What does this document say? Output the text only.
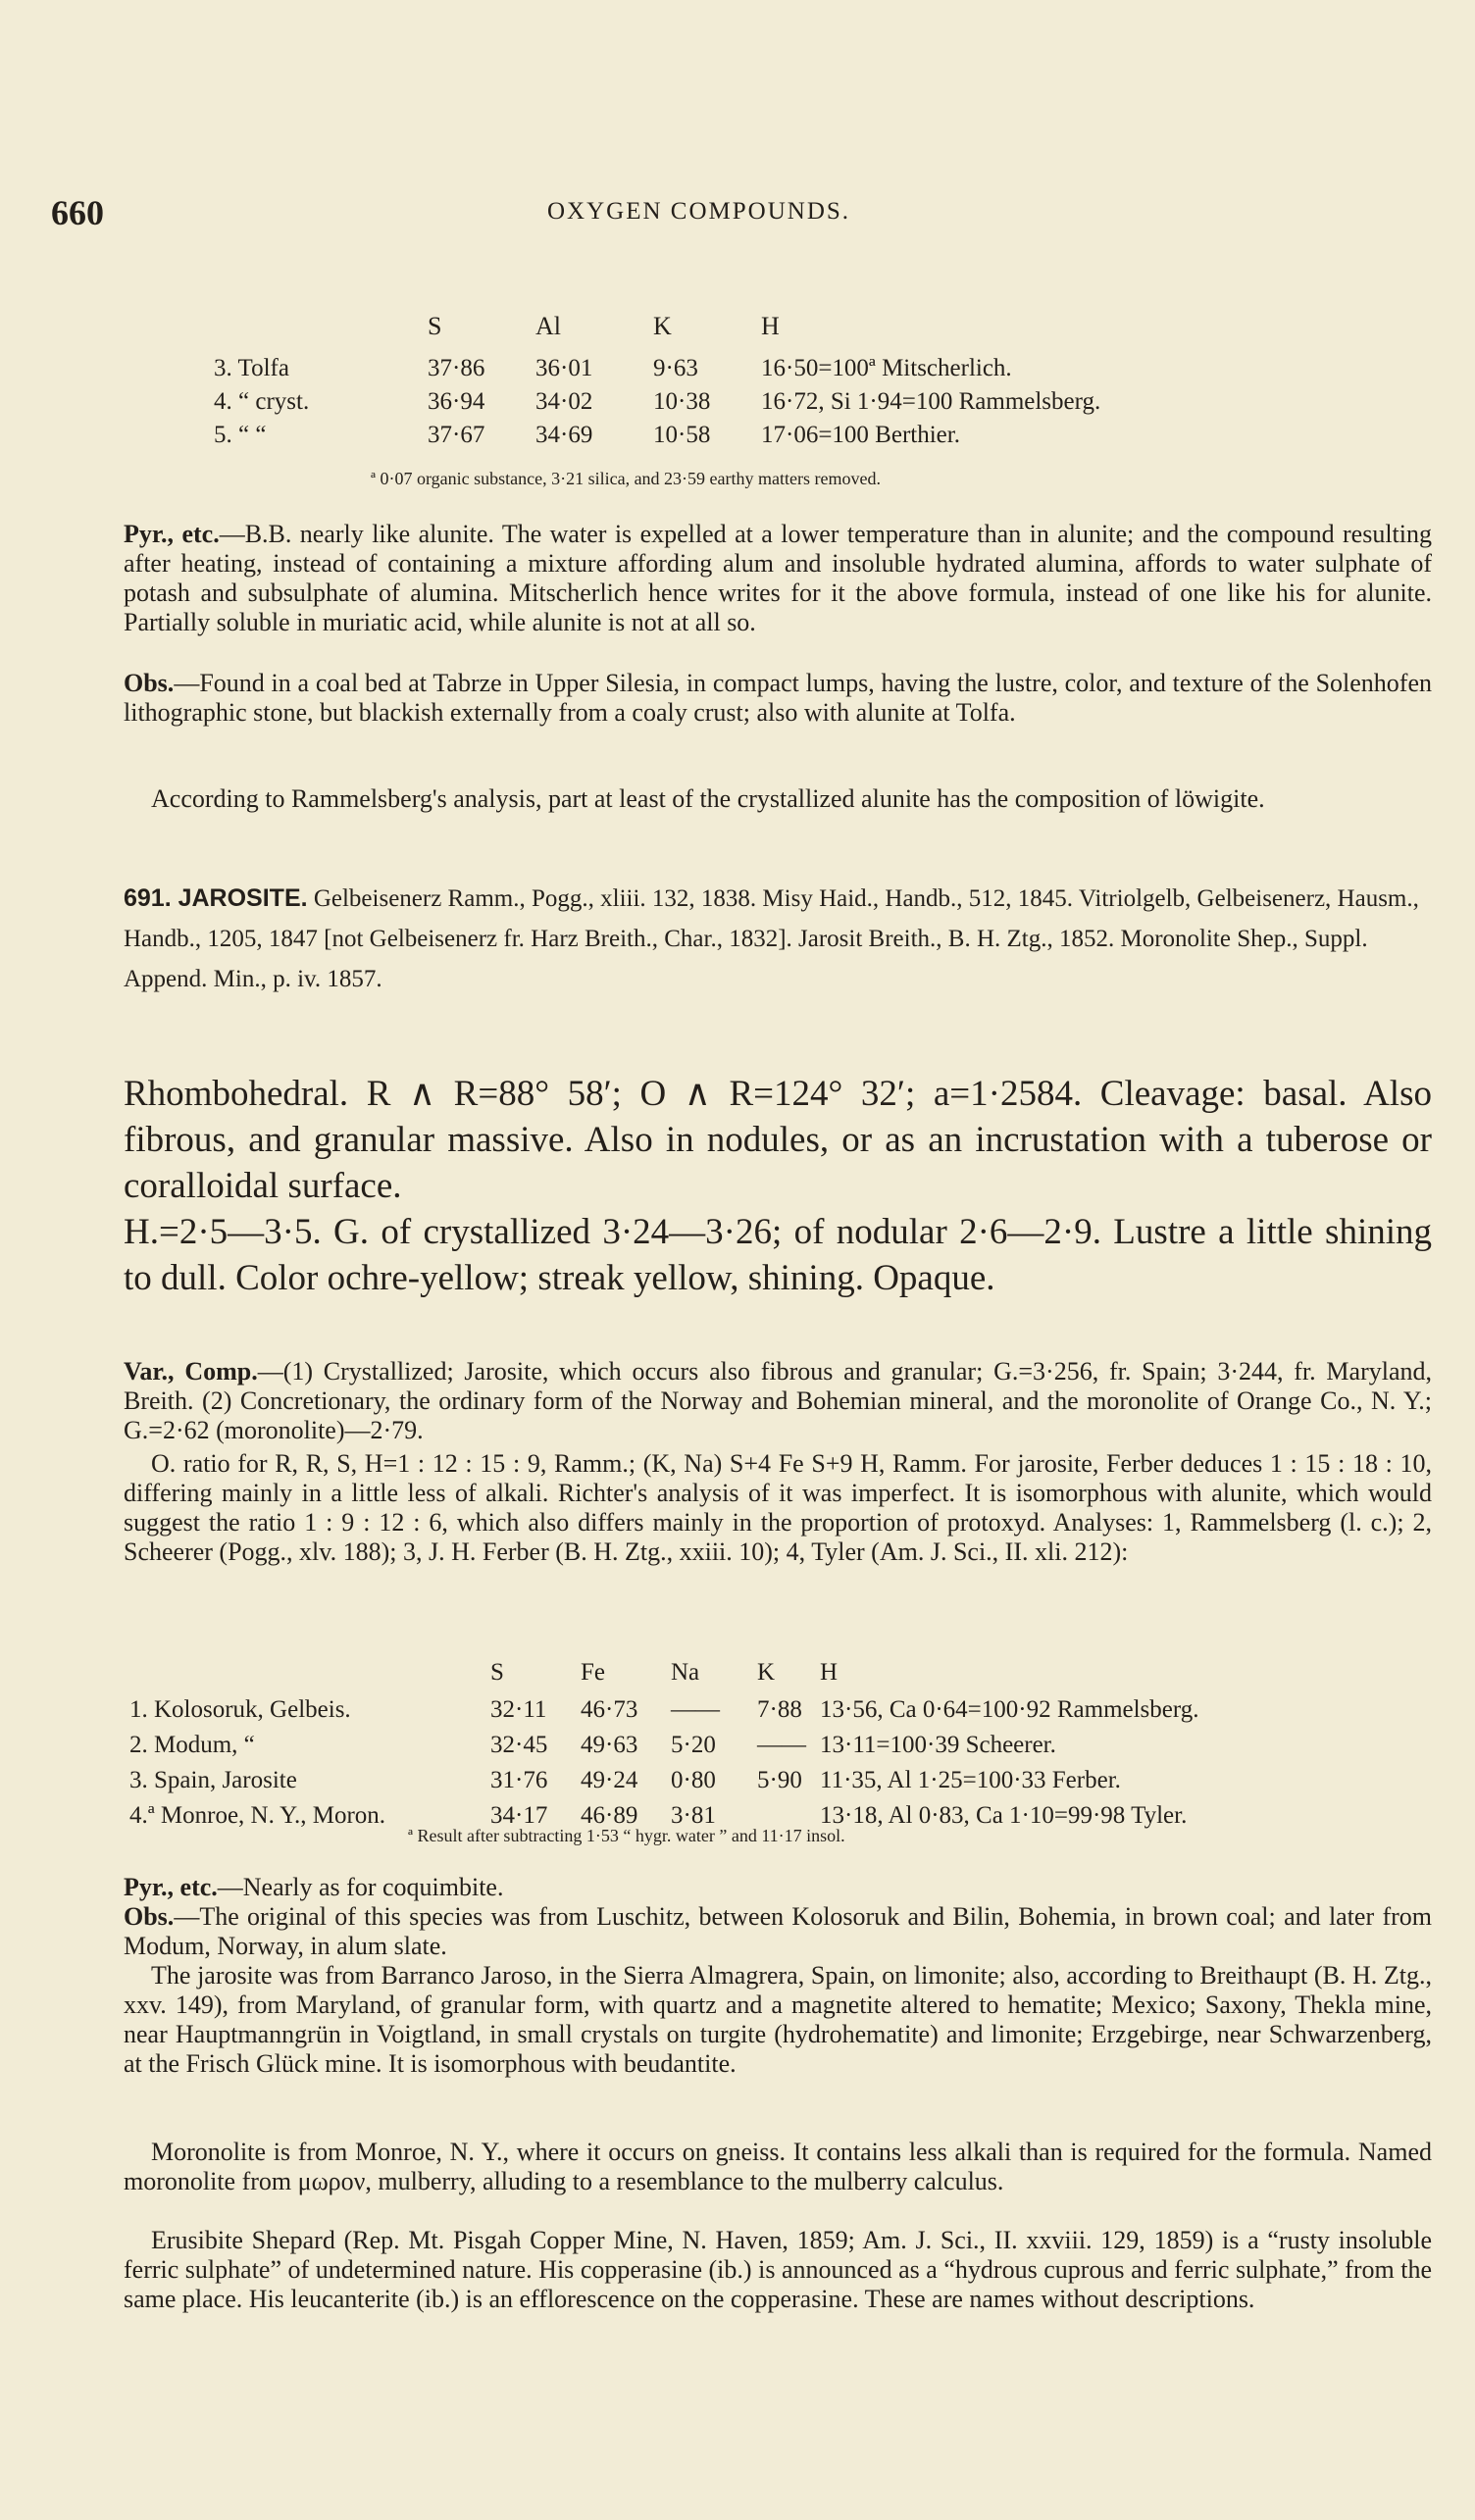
660	OXYGEN COMPOUNDS.
	S	Al	K	H
3. Tolfa	37·86	36·01	9·63	16·50=100ª Mitscherlich.
4. “ cryst.	36·94	34·02	10·38	16·72, Si 1·94=100 Rammelsberg.
5. “ “	37·67	34·69	10·58	17·06=100 Berthier.
ª 0·07 organic substance, 3·21 silica, and 23·59 earthy matters removed.
Pyr., etc.—B.B. nearly like alunite. The water is expelled at a lower temperature than in alunite; and the compound resulting after heating, instead of containing a mixture affording alum and insoluble hydrated alumina, affords to water sulphate of potash and subsulphate of alumina. Mitscherlich hence writes for it the above formula, instead of one like his for alunite. Partially soluble in muriatic acid, while alunite is not at all so.
Obs.—Found in a coal bed at Tabrze in Upper Silesia, in compact lumps, having the lustre, color, and texture of the Solenhofen lithographic stone, but blackish externally from a coaly crust; also with alunite at Tolfa.
According to Rammelsberg's analysis, part at least of the crystallized alunite has the composition of löwigite.
691. JAROSITE. Gelbeisenerz Ramm., Pogg., xliii. 132, 1838. Misy Haid., Handb., 512, 1845. Vitriolgelb, Gelbeisenerz, Hausm., Handb., 1205, 1847 [not Gelbeisenerz fr. Harz Breith., Char., 1832]. Jarosit Breith., B. H. Ztg., 1852. Moronolite Shep., Suppl. Append. Min., p. iv. 1857.
Rhombohedral. R ∧ R=88° 58′; O ∧ R=124° 32′; a=1·2584. Cleavage: basal. Also fibrous, and granular massive. Also in nodules, or as an incrustation with a tuberose or coralloidal surface.
H.=2·5—3·5. G. of crystallized 3·24—3·26; of nodular 2·6—2·9. Lustre a little shining to dull. Color ochre-yellow; streak yellow, shining. Opaque.
Var., Comp.—(1) Crystallized; Jarosite, which occurs also fibrous and granular; G.=3·256, fr. Spain; 3·244, fr. Maryland, Breith. (2) Concretionary, the ordinary form of the Norway and Bohemian mineral, and the moronolite of Orange Co., N. Y.; G.=2·62 (moronolite)—2·79.
O. ratio for R, R, S, H=1 : 12 : 15 : 9, Ramm.; (K, Na) S+4 Fe S+9 H, Ramm. For jarosite, Ferber deduces 1 : 15 : 18 : 10, differing mainly in a little less of alkali. Richter's analysis of it was imperfect. It is isomorphous with alunite, which would suggest the ratio 1 : 9 : 12 : 6, which also differs mainly in the proportion of protoxyd. Analyses: 1, Rammelsberg (l. c.); 2, Scheerer (Pogg., xlv. 188); 3, J. H. Ferber (B. H. Ztg., xxiii. 10); 4, Tyler (Am. J. Sci., II. xli. 212):
	S	Fe	Na	K	H
1. Kolosoruk, Gelbeis.	32·11	46·73	——	7·88	13·56, Ca 0·64=100·92 Rammelsberg.
2. Modum, “	32·45	49·63	5·20	——	13·11=100·39 Scheerer.
3. Spain, Jarosite	31·76	49·24	0·80	5·90	11·35, Al 1·25=100·33 Ferber.
4.ª Monroe, N. Y., Moron.	34·17	46·89	3·81		13·18, Al 0·83, Ca 1·10=99·98 Tyler.
ª Result after subtracting 1·53 “ hygr. water ” and 11·17 insol.
Pyr., etc.—Nearly as for coquimbite.
Obs.—The original of this species was from Luschitz, between Kolosoruk and Bilin, Bohemia, in brown coal; and later from Modum, Norway, in alum slate.
The jarosite was from Barranco Jaroso, in the Sierra Almagrera, Spain, on limonite; also, according to Breithaupt (B. H. Ztg., xxv. 149), from Maryland, of granular form, with quartz and a magnetite altered to hematite; Mexico; Saxony, Thekla mine, near Hauptmanngrün in Voigtland, in small crystals on turgite (hydrohematite) and limonite; Erzgebirge, near Schwarzenberg, at the Frisch Glück mine. It is isomorphous with beudantite.
Moronolite is from Monroe, N. Y., where it occurs on gneiss. It contains less alkali than is required for the formula. Named moronolite from μωρον, mulberry, alluding to a resemblance to the mulberry calculus.
Erusibite Shepard (Rep. Mt. Pisgah Copper Mine, N. Haven, 1859; Am. J. Sci., II. xxviii. 129, 1859) is a “rusty insoluble ferric sulphate” of undetermined nature. His copperasine (ib.) is announced as a “hydrous cuprous and ferric sulphate,” from the same place. His leucanterite (ib.) is an efflorescence on the copperasine. These are names without descriptions.
